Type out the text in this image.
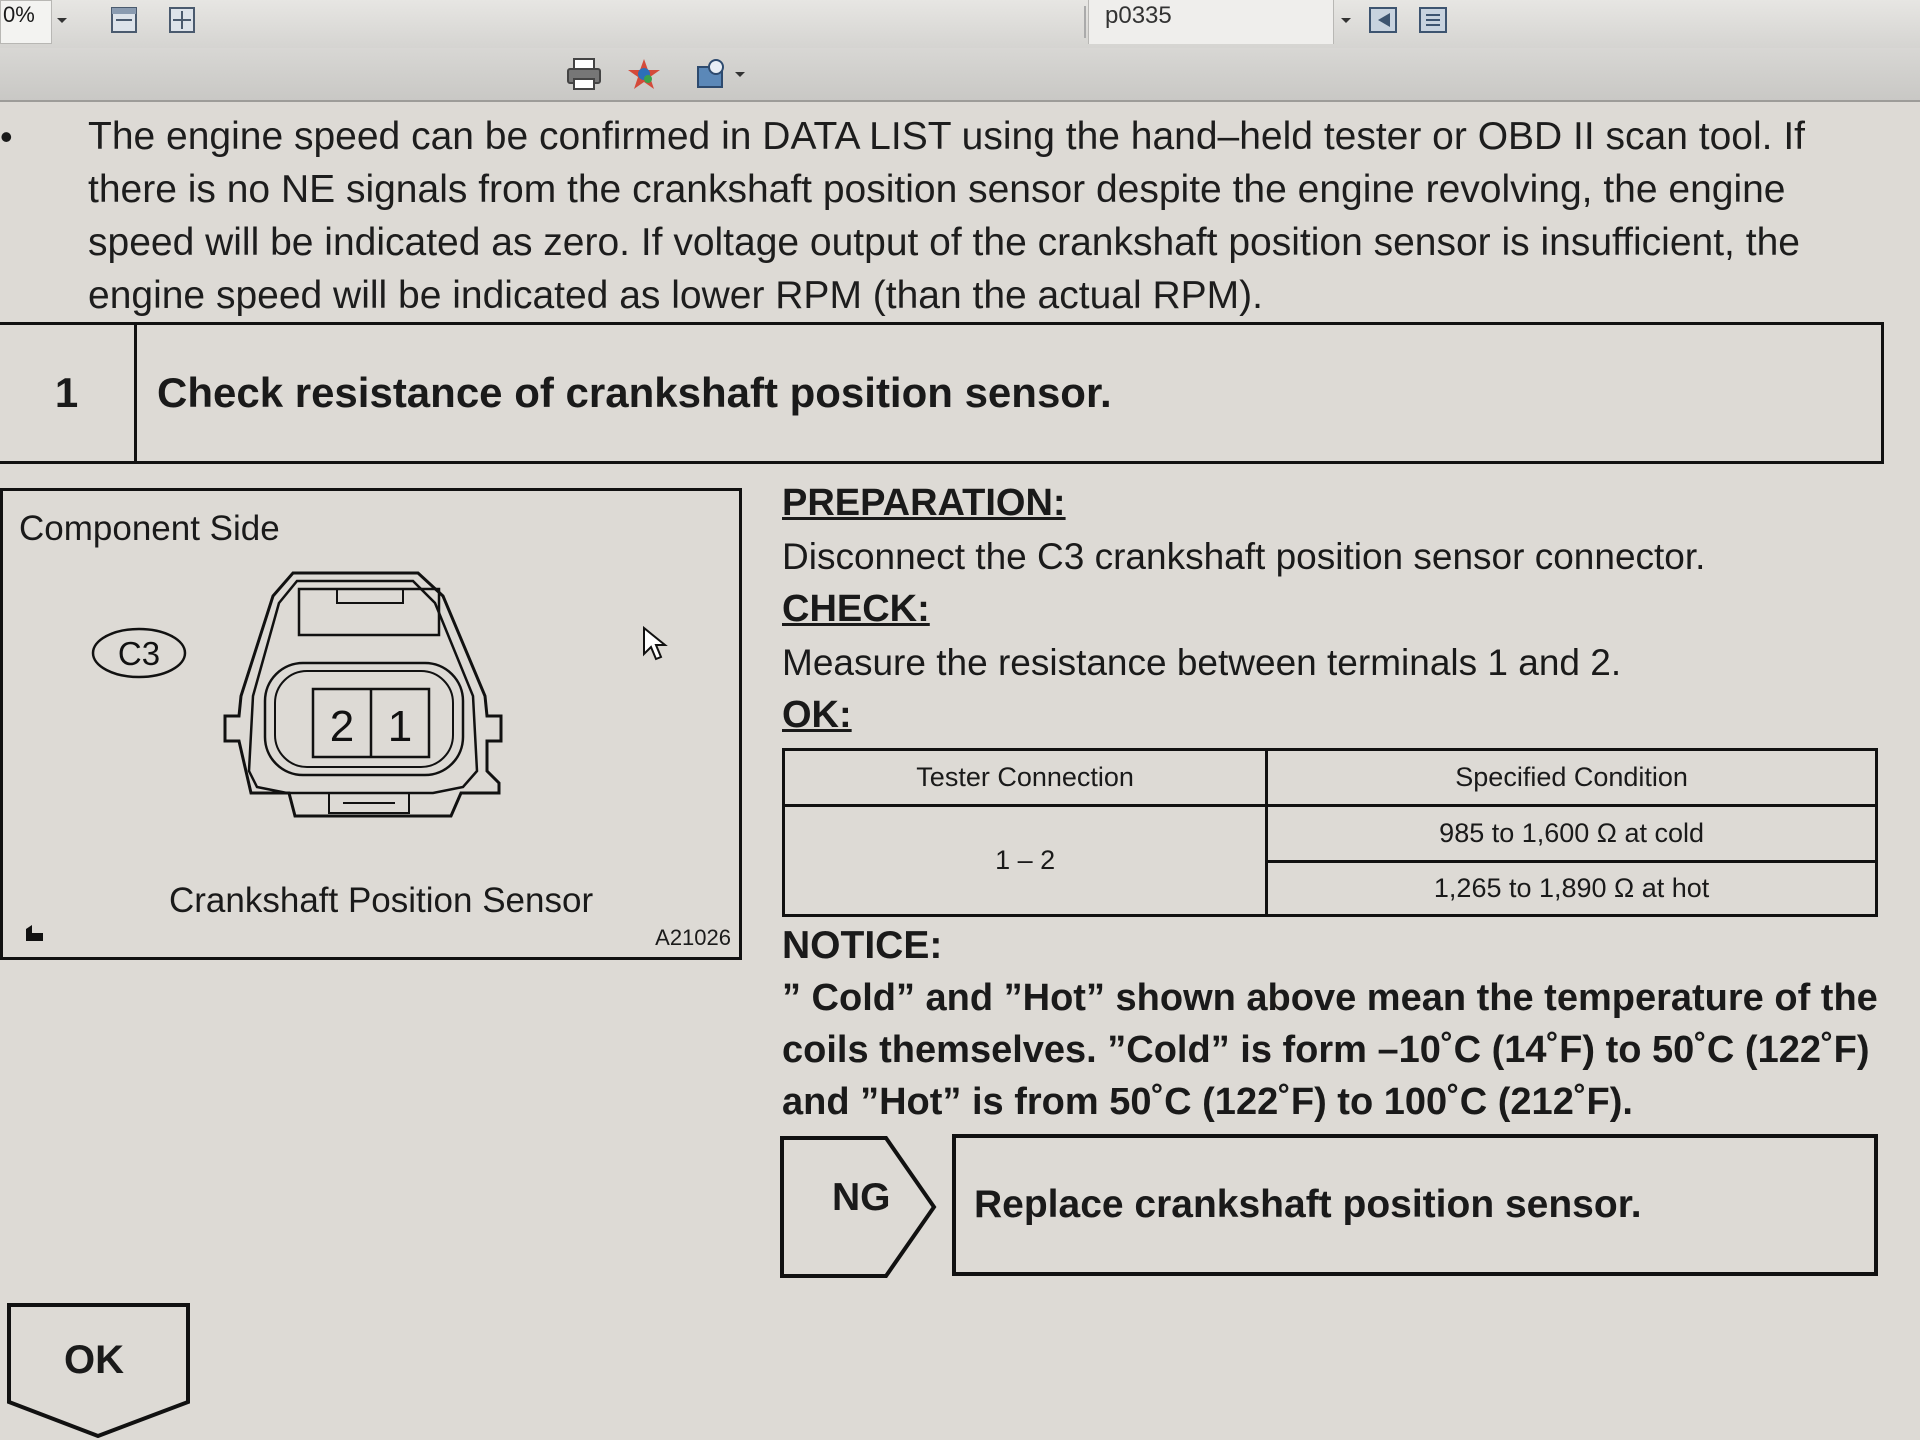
0%	p0335
• The engine speed can be confirmed in DATA LIST using the hand–held tester or OBD II scan tool. If there is no NE signals from the crankshaft position sensor despite the engine revolving, the engine speed will be indicated as zero. If voltage output of the crankshaft position sensor is insufficient, the engine speed will be indicated as lower RPM (than the actual RPM).
1	Check resistance of crankshaft position sensor.
Component Side
C3
2 1
Crankshaft Position Sensor
A21026
PREPARATION:
Disconnect the C3 crankshaft position sensor connector.
CHECK:
Measure the resistance between terminals 1 and 2.
OK:
Tester Connection	Specified Condition
1 – 2	985 to 1,600 Ω at cold
	1,265 to 1,890 Ω at hot
NOTICE:
” Cold” and ”Hot” shown above mean the temperature of the coils themselves. ”Cold” is form –10˚C (14˚F) to 50˚C (122˚F) and ”Hot” is from 50˚C (122˚F) to 100˚C (212˚F).
NG	Replace crankshaft position sensor.
OK
